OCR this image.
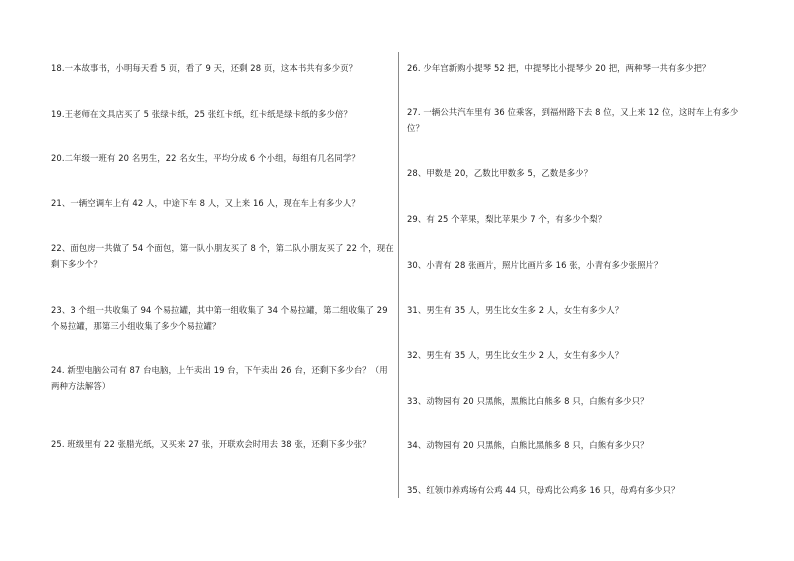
18.一本故事书，小明每天看 5 页，看了 9 天，还剩 28 页，这本书共有多少页？
19.王老师在文具店买了 5 张绿卡纸，25 张红卡纸，红卡纸是绿卡纸的多少倍？
20.二年级一班有 20 名男生，22 名女生，平均分成 6 个小组，每组有几名同学？
21、一辆空调车上有 42 人，中途下车 8 人，又上来 16 人，现在车上有多少人？
22、面包房一共做了 54 个面包，第一队小朋友买了 8 个，第二队小朋友买了 22 个，现在剩下多少个？
23、3 个组一共收集了 94 个易拉罐，其中第一组收集了 34 个易拉罐，第二组收集了 29 个易拉罐，那第三小组收集了多少个易拉罐？
24. 新型电脑公司有 87 台电脑，上午卖出 19 台，下午卖出 26 台，还剩下多少台？（用两种方法解答）
25. 班级里有 22 张腊光纸，又买来 27 张，开联欢会时用去 38 张，还剩下多少张？
26. 少年宫新购小提琴 52 把，中提琴比小提琴少 20 把，两种琴一共有多少把？
27. 一辆公共汽车里有 36 位乘客，到福州路下去 8 位，又上来 12 位，这时车上有多少位？
28、甲数是 20，乙数比甲数多 5，乙数是多少？
29、有 25 个苹果，梨比苹果少 7 个，有多少个梨？
30、小青有 28 张画片，照片比画片多 16 张，小青有多少张照片？
31、男生有 35 人，男生比女生多 2 人，女生有多少人？
32、男生有 35 人，男生比女生少 2 人，女生有多少人？
33、动物园有 20 只黑熊，黑熊比白熊多 8 只，白熊有多少只？
34、动物园有 20 只黑熊，白熊比黑熊多 8 只，白熊有多少只？
35、红领巾养鸡场有公鸡 44 只，母鸡比公鸡多 16 只，母鸡有多少只？
